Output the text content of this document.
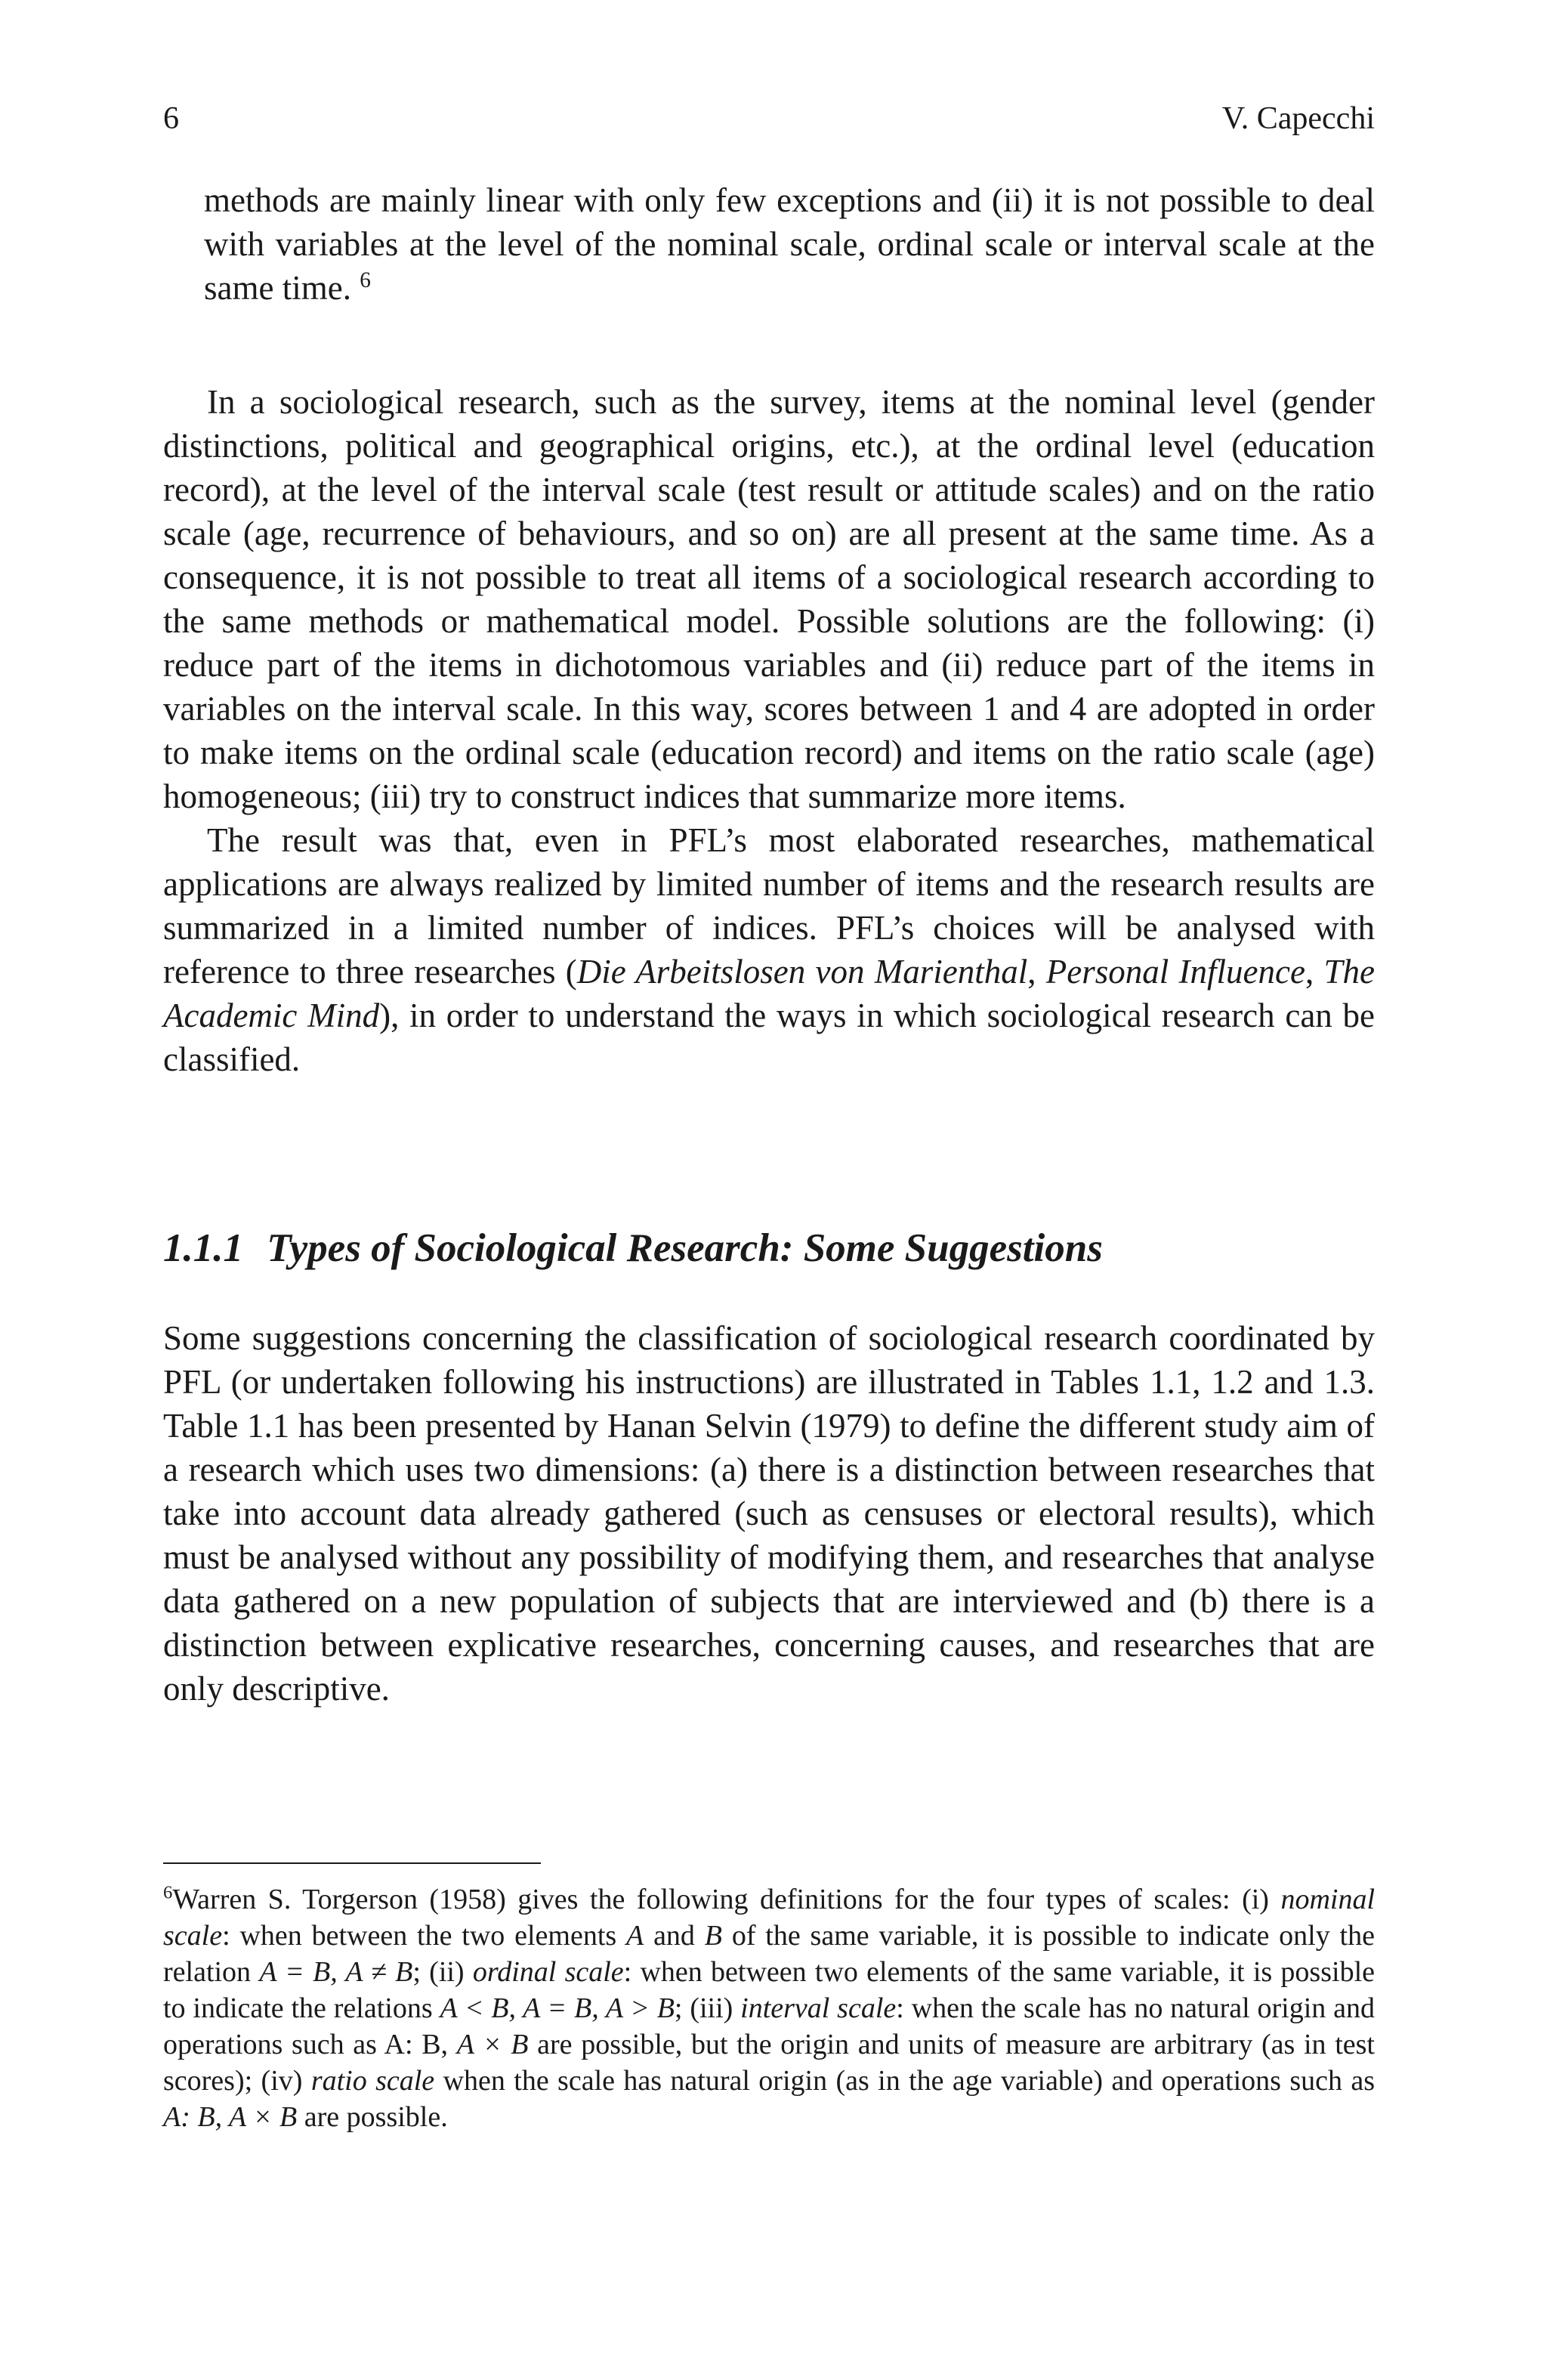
6	V. Capecchi
methods are mainly linear with only few exceptions and (ii) it is not possible to deal with variables at the level of the nominal scale, ordinal scale or interval scale at the same time. $^6$

In a sociological research, such as the survey, items at the nominal level (gender distinctions, political and geographical origins, etc.), at the ordinal level (education record), at the level of the interval scale (test result or attitude scales) and on the ratio scale (age, recurrence of behaviours, and so on) are all present at the same time. As a consequence, it is not possible to treat all items of a sociological research according to the same methods or mathematical model. Possible solutions are the following: (i) reduce part of the items in dichotomous variables and (ii) reduce part of the items in variables on the interval scale. In this way, scores between 1 and 4 are adopted in order to make items on the ordinal scale (education record) and items on the ratio scale (age) homogeneous; (iii) try to construct indices that summarize more items.

The result was that, even in PFL’s most elaborated researches, mathematical applications are always realized by limited number of items and the research results are summarized in a limited number of indices. PFL’s choices will be analysed with reference to three researches (Die Arbeitslosen von Marienthal, Personal Influence, The Academic Mind), in order to understand the ways in which sociological research can be classified.

1.1.1 Types of Sociological Research: Some Suggestions

Some suggestions concerning the classification of sociological research coordinated by PFL (or undertaken following his instructions) are illustrated in Tables 1.1, 1.2 and 1.3. Table 1.1 has been presented by Hanan Selvin (1979) to define the different study aim of a research which uses two dimensions: (a) there is a distinction between researches that take into account data already gathered (such as censuses or electoral results), which must be analysed without any possibility of modifying them, and researches that analyse data gathered on a new population of subjects that are interviewed and (b) there is a distinction between explicative researches, concerning causes, and researches that are only descriptive.

$^6$Warren S. Torgerson (1958) gives the following definitions for the four types of scales: (i) nominal scale: when between the two elements A and B of the same variable, it is possible to indicate only the relation A = B, A ≠ B; (ii) ordinal scale: when between two elements of the same variable, it is possible to indicate the relations A < B, A = B, A > B; (iii) interval scale: when the scale has no natural origin and operations such as A: B, A × B are possible, but the origin and units of measure are arbitrary (as in test scores); (iv) ratio scale when the scale has natural origin (as in the age variable) and operations such as A: B, A × B are possible.
